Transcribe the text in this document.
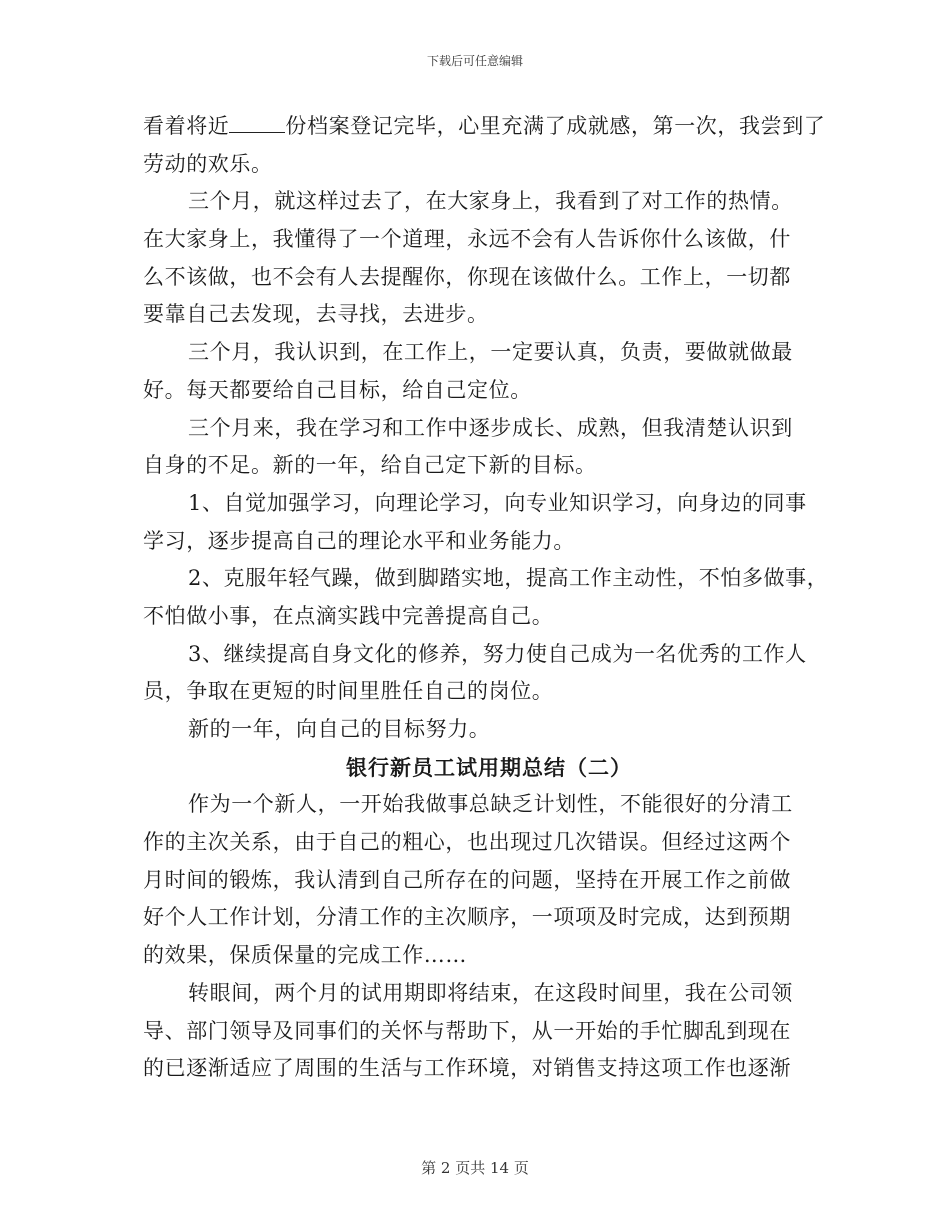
下载后可任意编辑
看着将近	份档案登记完毕，心里充满了成就感，第一次，我尝到了
劳动的欢乐。
三个月，就这样过去了，在大家身上，我看到了对工作的热情。
在大家身上，我懂得了一个道理，永远不会有人告诉你什么该做，什
么不该做，也不会有人去提醒你，你现在该做什么。工作上，一切都
要靠自己去发现，去寻找，去进步。
三个月，我认识到，在工作上，一定要认真，负责，要做就做最
好。每天都要给自己目标，给自己定位。
三个月来，我在学习和工作中逐步成长、成熟，但我清楚认识到
自身的不足。新的一年，给自己定下新的目标。
1、自觉加强学习，向理论学习，向专业知识学习，向身边的同事
学习，逐步提高自己的理论水平和业务能力。
2、克服年轻气躁，做到脚踏实地，提高工作主动性，不怕多做事，
不怕做小事，在点滴实践中完善提高自己。
3、继续提高自身文化的修养，努力使自己成为一名优秀的工作人
员，争取在更短的时间里胜任自己的岗位。
新的一年，向自己的目标努力。
银行新员工试用期总结（二）
作为一个新人，一开始我做事总缺乏计划性，不能很好的分清工
作的主次关系，由于自己的粗心，也出现过几次错误。但经过这两个
月时间的锻炼，我认清到自己所存在的问题，坚持在开展工作之前做
好个人工作计划，分清工作的主次顺序，一项项及时完成，达到预期
的效果，保质保量的完成工作……
转眼间，两个月的试用期即将结束，在这段时间里，我在公司领
导、部门领导及同事们的关怀与帮助下，从一开始的手忙脚乱到现在
的已逐渐适应了周围的生活与工作环境，对销售支持这项工作也逐渐
第 2 页共 14 页
